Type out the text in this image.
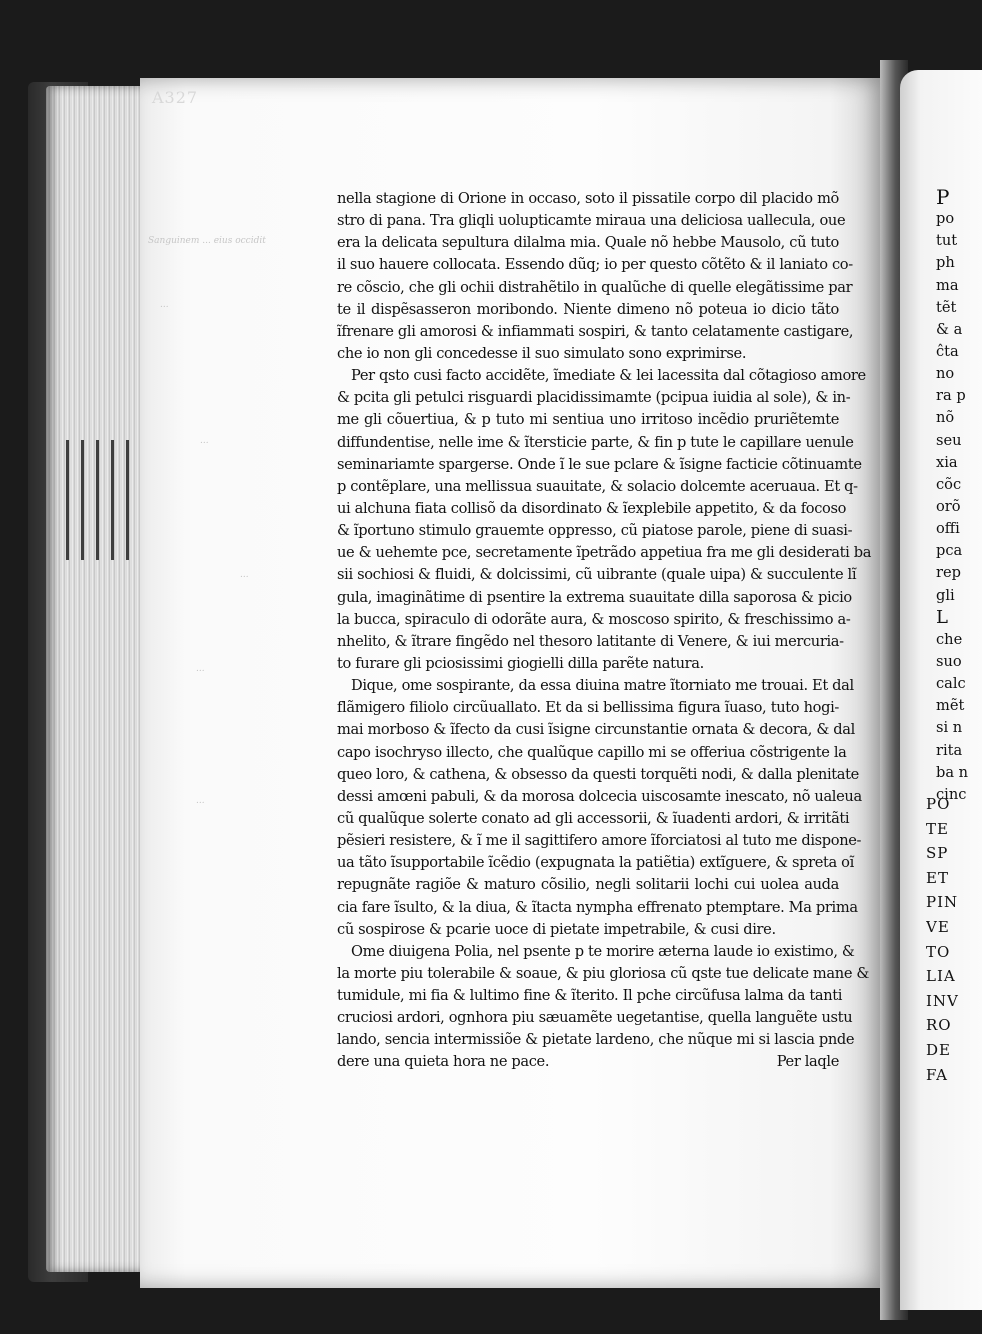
A327
Sanguinem ... eius occidit
...
...
...
...
...
nella stagione di Orione in occaso, soto il pissatile corpo dil placido mõ
stro di pana. Tra gliqli uolupticamte miraua una deliciosa uallecula, oue
era la delicata sepultura dilalma mia. Quale nõ hebbe Mausolo, cũ tuto
il suo hauere collocata. Essendo dũq; io per questo cõtẽto & il laniato co-
re cõscio, che gli ochii distrahẽtilo in qualũche di quelle elegãtissime par
te il dispẽsasseron moribondo. Niente dimeno nõ poteua io dicio tãto
ĩfrenare gli amorosi & infiammati sospiri, & tanto celatamente castigare,
che io non gli concedesse il suo simulato sono exprimirse.
Per qsto cusi facto accidẽte, ĩmediate & lei lacessita dal cõtagioso amore
& pcita gli petulci risguardi placidissimamte (pcipua iuidia al sole), & in-
me gli cõuertiua, & p tuto mi sentiua uno irritoso incẽdio pruriẽtemte
diffundentise, nelle ime & ĩtersticie parte, & fin p tute le capillare uenule
seminariamte spargerse. Onde ĩ le sue pclare & ĩsigne facticie cõtinuamte
p contẽplare, una mellissua suauitate, & solacio dolcemte aceruaua. Et q-
ui alchuna fiata collisõ da disordinato & ĩexplebile appetito, & da focoso
& ĩportuno stimulo grauemte oppresso, cũ piatose parole, piene di suasi-
ue & uehemte pce, secretamente ĩpetrãdo appetiua fra me gli desiderati ba
sii sochiosi & fluidi, & dolcissimi, cũ uibrante (quale uipa) & succulente lĩ
gula, imaginãtime di psentire la extrema suauitate dilla saporosa & picio
la bucca, spiraculo di odorãte aura, & moscoso spirito, & freschissimo a-
nhelito, & ĩtrare fingẽdo nel thesoro latitante di Venere, & iui mercuria-
to furare gli pciosissimi giogielli dilla parẽte natura.
Dique, ome sospirante, da essa diuina matre ĩtorniato me trouai. Et dal
flãmigero filiolo circũuallato. Et da si bellissima figura ĩuaso, tuto hogi-
mai morboso & ĩfecto da cusi ĩsigne circunstantie ornata & decora, & dal
capo isochryso illecto, che qualũque capillo mi se offeriua cõstrigente la
queo loro, & cathena, & obsesso da questi torquẽti nodi, & dalla plenitate
dessi amœni pabuli, & da morosa dolcecia uiscosamte inescato, nõ ualeua
cũ qualũque solerte conato ad gli accessorii, & ĩuadenti ardori, & irritãti
pẽsieri resistere, & ĩ me il sagittifero amore ĩforciatosi al tuto me dispone-
ua tãto ĩsupportabile ĩcẽdio (expugnata la patiẽtia) extĩguere, & spreta oĩ
repugnãte ragiõe & maturo cõsilio, negli solitarii lochi cui uolea auda
cia fare ĩsulto, & la diua, & ĩtacta nympha effrenato ptemptare. Ma prima
cũ sospirose & pcarie uoce di pietate impetrabile, & cusi dire.
Ome diuigena Polia, nel psente p te morire æterna laude io existimo, &
la morte piu tolerabile & soaue, & piu gloriosa cũ qste tue delicate mane &
tumidule, mi fia & lultimo fine & ĩterito. Il pche circũfusa lalma da tanti
cruciosi ardori, ognhora piu sæuamẽte uegetantise, quella languẽte ustu
lando, sencia intermissiõe & pietate lardeno, che nũque mi si lascia pnde
dere una quieta hora ne pace.	Per laqle
P
po
tut
ph
ma
tẽt
& a
ĉta
no
ra p
nõ
seu
xia
cõc
orõ
offi
pca
rep
gli
L
che
suo
calc
mẽt
si n
rita
ba n
cinc
PO
TE
SP
ET
PIN
VE
TO
LIA
INV
RO
DE
FA
